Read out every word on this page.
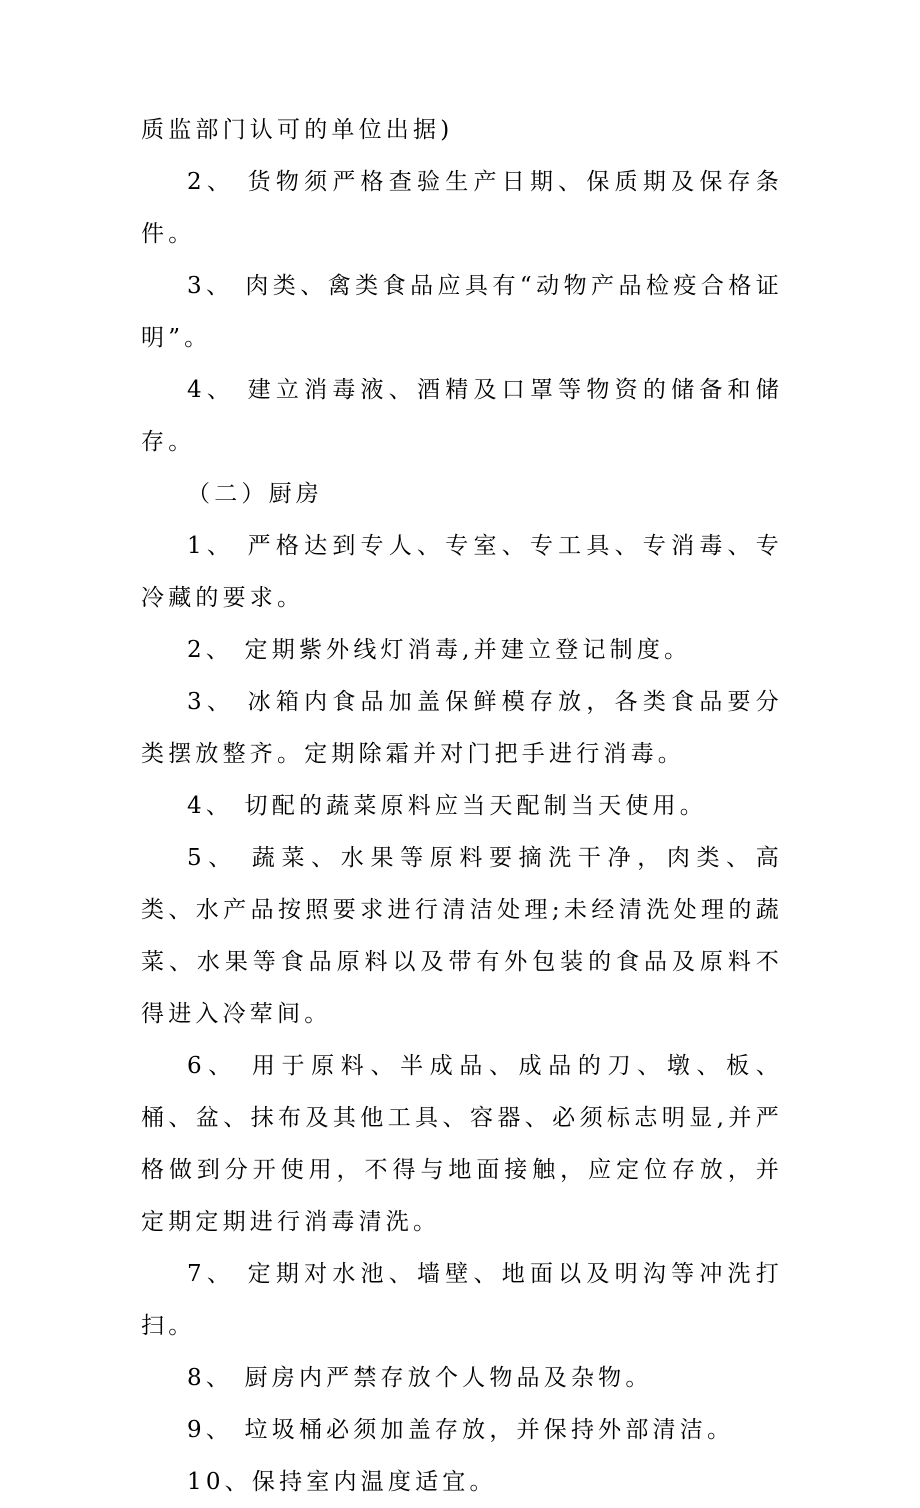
质监部门认可的单位出据)

2、 货物须严格查验生产日期、保质期及保存条件。

3、 肉类、禽类食品应具有“动物产品检疫合格证明”。

4、 建立消毒液、酒精及口罩等物资的储备和储存。

（二）厨房

1、 严格达到专人、专室、专工具、专消毒、专冷藏的要求。

2、 定期紫外线灯消毒,并建立登记制度。

3、 冰箱内食品加盖保鲜模存放，各类食品要分类摆放整齐。定期除霜并对门把手进行消毒。

4、 切配的蔬菜原料应当天配制当天使用。

5、 蔬菜、水果等原料要摘洗干净，肉类、高类、水产品按照要求进行清洁处理;未经清洗处理的蔬菜、水果等食品原料以及带有外包装的食品及原料不得进入冷荤间。

6、 用于原料、半成品、成品的刀、墩、板、桶、盆、抹布及其他工具、容器、必须标志明显,并严格做到分开使用，不得与地面接触，应定位存放，并定期定期进行消毒清洗。

7、 定期对水池、墙壁、地面以及明沟等冲洗打扫。

8、 厨房内严禁存放个人物品及杂物。

9、 垃圾桶必须加盖存放，并保持外部清洁。

10、保持室内温度适宜。
